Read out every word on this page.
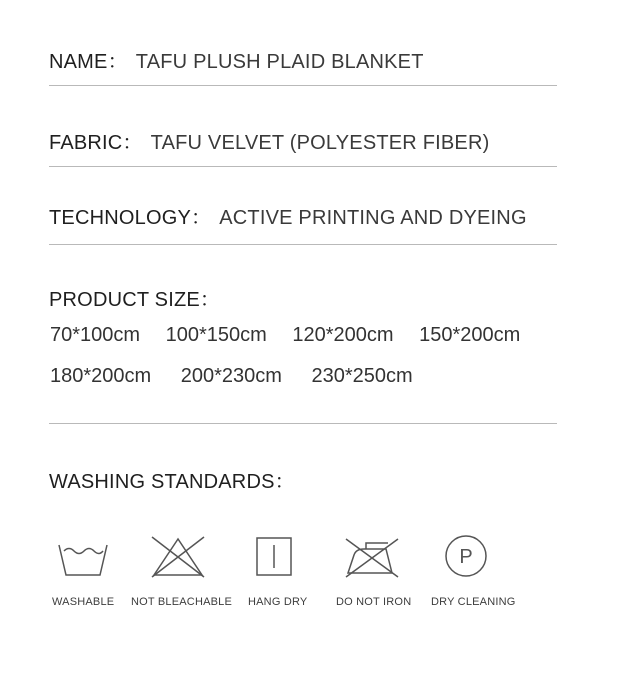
NAME： TAFU PLUSH PLAID BLANKET
FABRIC： TAFU VELVET (POLYESTER FIBER)
TECHNOLOGY： ACTIVE PRINTING AND DYEING
PRODUCT SIZE：
70*100cm 100*150cm 120*200cm 150*200cm
180*200cm 200*230cm 230*250cm
WASHING STANDARDS：
P
WASHABLE NOT BLEACHABLE HANG DRY	DO NOT IRON DRY CLEANING
